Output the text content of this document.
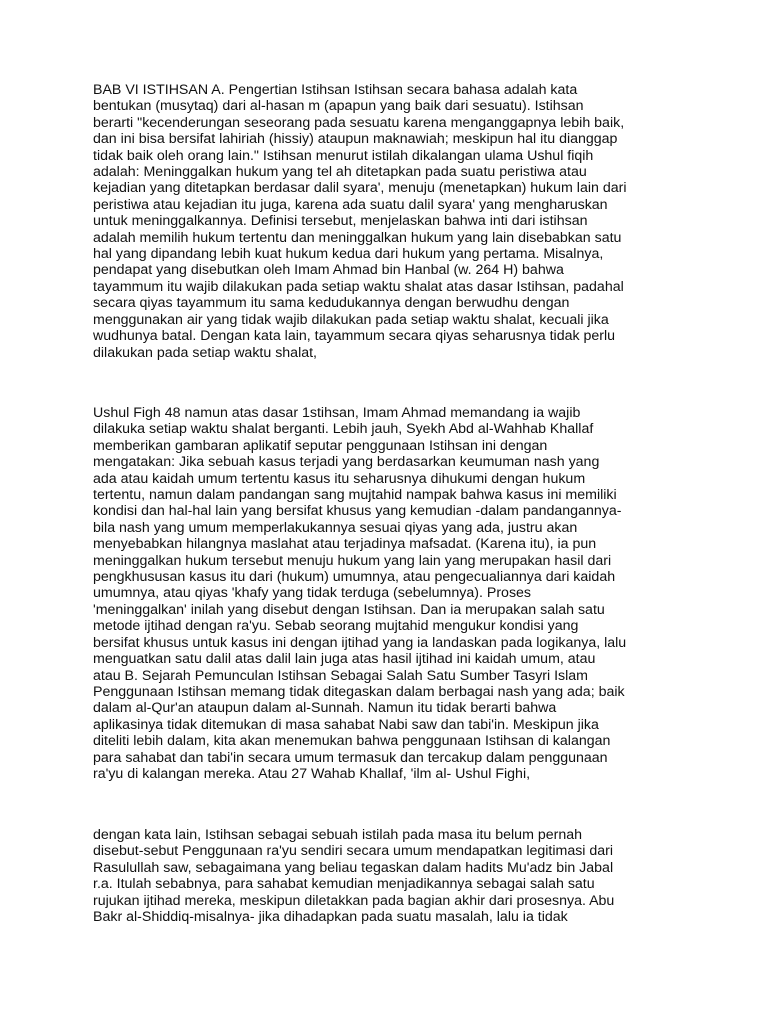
BAB VI ISTIHSAN A. Pengertian Istihsan Istihsan secara bahasa adalah kata
bentukan (musytaq) dari al-hasan m (apapun yang baik dari sesuatu). Istihsan
berarti "kecenderungan seseorang pada sesuatu karena menganggapnya lebih baik,
dan ini bisa bersifat lahiriah (hissiy) ataupun maknawiah; meskipun hal itu dianggap
tidak baik oleh orang lain." Istihsan menurut istilah dikalangan ulama Ushul fiqih
adalah: Meninggalkan hukum yang tel ah ditetapkan pada suatu peristiwa atau
kejadian yang ditetapkan berdasar dalil syara', menuju (menetapkan) hukum lain dari
peristiwa atau kejadian itu juga, karena ada suatu dalil syara' yang mengharuskan
untuk meninggalkannya. Definisi tersebut, menjelaskan bahwa inti dari istihsan
adalah memilih hukum tertentu dan meninggalkan hukum yang lain disebabkan satu
hal yang dipandang lebih kuat hukum kedua dari hukum yang pertama. Misalnya,
pendapat yang disebutkan oleh Imam Ahmad bin Hanbal (w. 264 H) bahwa
tayammum itu wajib dilakukan pada setiap waktu shalat atas dasar Istihsan, padahal
secara qiyas tayammum itu sama kedudukannya dengan berwudhu dengan
menggunakan air yang tidak wajib dilakukan pada setiap waktu shalat, kecuali jika
wudhunya batal. Dengan kata lain, tayammum secara qiyas seharusnya tidak perlu
dilakukan pada setiap waktu shalat,

Ushul Figh 48 namun atas dasar 1stihsan, Imam Ahmad memandang ia wajib
dilakuka setiap waktu shalat berganti. Lebih jauh, Syekh Abd al-Wahhab Khallaf
memberikan gambaran aplikatif seputar penggunaan Istihsan ini dengan
mengatakan: Jika sebuah kasus terjadi yang berdasarkan keumuman nash yang
ada atau kaidah umum tertentu kasus itu seharusnya dihukumi dengan hukum
tertentu, namun dalam pandangan sang mujtahid nampak bahwa kasus ini memiliki
kondisi dan hal-hal lain yang bersifat khusus yang kemudian -dalam pandangannya-
bila nash yang umum memperlakukannya sesuai qiyas yang ada, justru akan
menyebabkan hilangnya maslahat atau terjadinya mafsadat. (Karena itu), ia pun
meninggalkan hukum tersebut menuju hukum yang lain yang merupakan hasil dari
pengkhususan kasus itu dari (hukum) umumnya, atau pengecualiannya dari kaidah
umumnya, atau qiyas 'khafy yang tidak terduga (sebelumnya). Proses
'meninggalkan' inilah yang disebut dengan Istihsan. Dan ia merupakan salah satu
metode ijtihad dengan ra'yu. Sebab seorang mujtahid mengukur kondisi yang
bersifat khusus untuk kasus ini dengan ijtihad yang ia landaskan pada logikanya, lalu
menguatkan satu dalil atas dalil lain juga atas hasil ijtihad ini kaidah umum, atau
atau B. Sejarah Pemunculan Istihsan Sebagai Salah Satu Sumber Tasyri Islam
Penggunaan Istihsan memang tidak ditegaskan dalam berbagai nash yang ada; baik
dalam al-Qur'an ataupun dalam al-Sunnah. Namun itu tidak berarti bahwa
aplikasinya tidak ditemukan di masa sahabat Nabi saw dan tabi'in. Meskipun jika
diteliti lebih dalam, kita akan menemukan bahwa penggunaan Istihsan di kalangan
para sahabat dan tabi'in secara umum termasuk dan tercakup dalam penggunaan
ra'yu di kalangan mereka. Atau 27 Wahab Khallaf, 'ilm al- Ushul Fighi,

dengan kata lain, Istihsan sebagai sebuah istilah pada masa itu belum pernah
disebut-sebut Penggunaan ra'yu sendiri secara umum mendapatkan legitimasi dari
Rasulullah saw, sebagaimana yang beliau tegaskan dalam hadits Mu'adz bin Jabal
r.a. Itulah sebabnya, para sahabat kemudian menjadikannya sebagai salah satu
rujukan ijtihad mereka, meskipun diletakkan pada bagian akhir dari prosesnya. Abu
Bakr al-Shiddiq-misalnya- jika dihadapkan pada suatu masalah, lalu ia tidak
